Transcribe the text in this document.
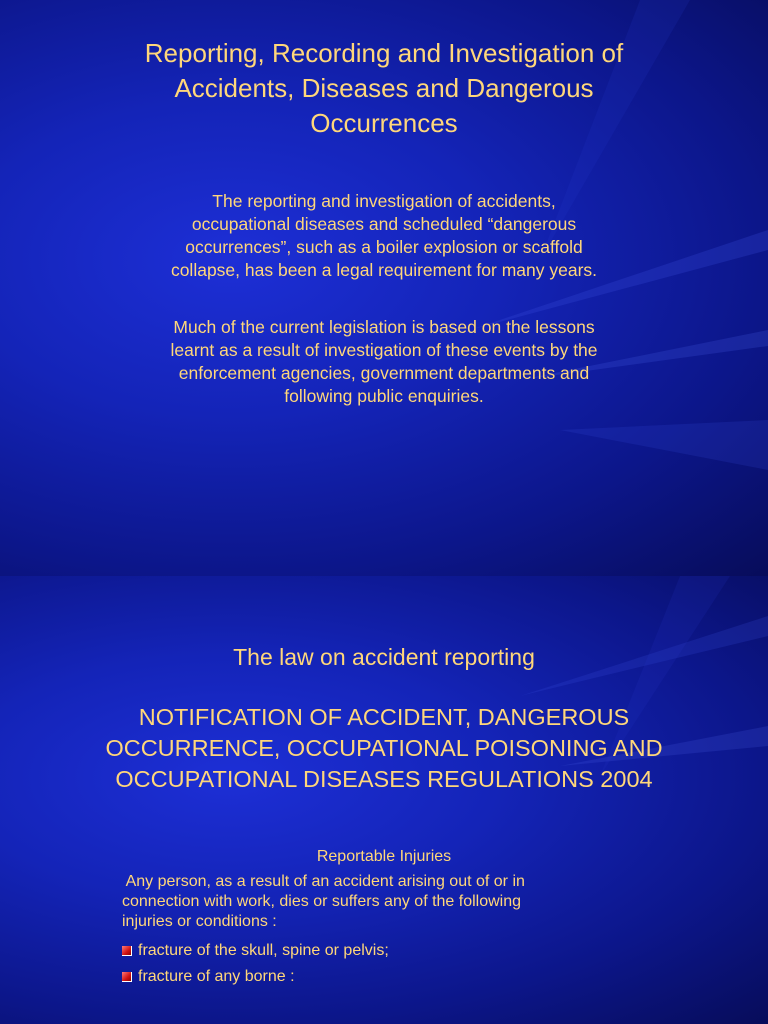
Reporting, Recording and Investigation of
Accidents, Diseases and Dangerous
Occurrences
The reporting and investigation of accidents,
occupational diseases and scheduled “dangerous
occurrences”, such as a boiler explosion or scaffold
collapse, has been a legal requirement for many years.
Much of the current legislation is based on the lessons
learnt as a result of investigation of these events by the
enforcement agencies, government departments and
following public enquiries.
The law on accident reporting
NOTIFICATION OF ACCIDENT, DANGEROUS
OCCURRENCE, OCCUPATIONAL POISONING AND
OCCUPATIONAL DISEASES REGULATIONS 2004
Reportable Injuries
Any person, as a result of an accident arising out of or in
connection with work, dies or suffers any of the following
injuries or conditions :
fracture of the skull, spine or pelvis;
fracture of any borne :
